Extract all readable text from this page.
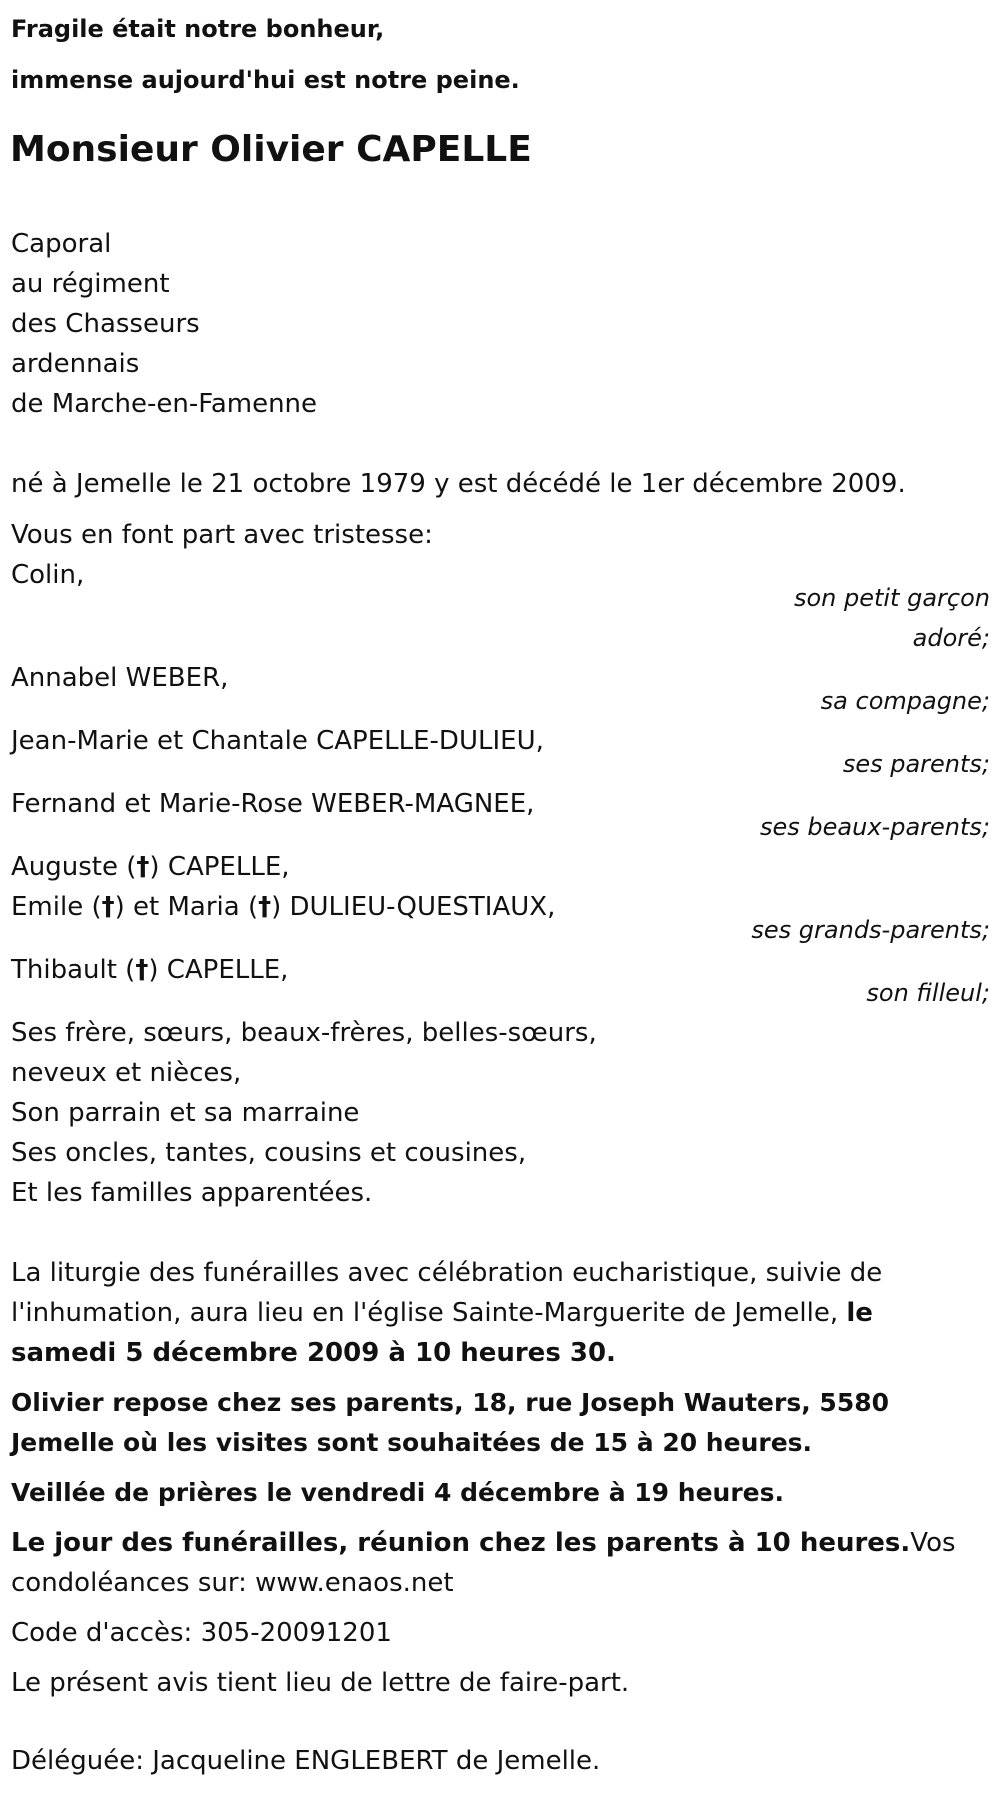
Fragile était notre bonheur,
immense aujourd'hui est notre peine.
Monsieur Olivier CAPELLE
Caporal
au régiment
des Chasseurs
ardennais
de Marche-en-Famenne
né à Jemelle le 21 octobre 1979 y est décédé le 1er décembre 2009.
Vous en font part avec tristesse:
Colin,
son petit garçon
adoré;
Annabel WEBER,
sa compagne;
Jean-Marie et Chantale CAPELLE-DULIEU,
ses parents;
Fernand et Marie-Rose WEBER-MAGNEE,
ses beaux-parents;
Auguste (†) CAPELLE,
Emile (†) et Maria (†) DULIEU-QUESTIAUX,
ses grands-parents;
Thibault (†) CAPELLE,
son filleul;
Ses frère, sœurs, beaux-frères, belles-sœurs,
neveux et nièces,
Son parrain et sa marraine
Ses oncles, tantes, cousins et cousines,
Et les familles apparentées.
La liturgie des funérailles avec célébration eucharistique, suivie de l'inhumation, aura lieu en l'église Sainte-Marguerite de Jemelle, le samedi 5 décembre 2009 à 10 heures 30.
Olivier repose chez ses parents, 18, rue Joseph Wauters, 5580 Jemelle où les visites sont souhaitées de 15 à 20 heures.
Veillée de prières le vendredi 4 décembre à 19 heures.
Le jour des funérailles, réunion chez les parents à 10 heures.Vos condoléances sur: www.enaos.net
Code d'accès: 305-20091201
Le présent avis tient lieu de lettre de faire-part.
Déléguée: Jacqueline ENGLEBERT de Jemelle.
